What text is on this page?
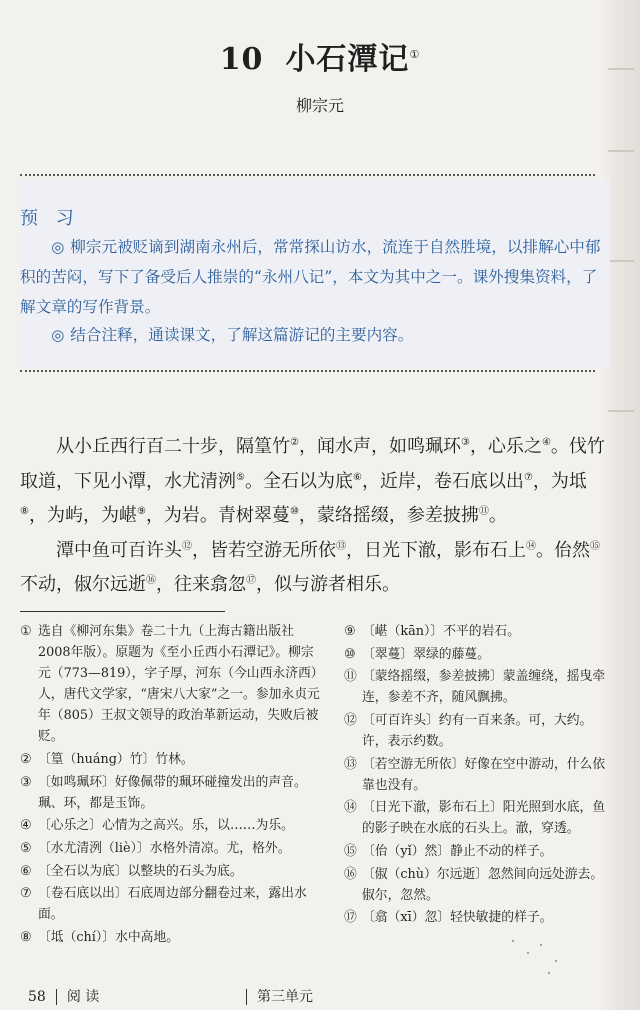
10 小石潭记①
柳宗元
预 习

◎ 柳宗元被贬谪到湖南永州后，常常探山访水，流连于自然胜境，以排解心中郁积的苦闷，写下了备受后人推崇的“永州八记”，本文为其中之一。课外搜集资料，了解文章的写作背景。

◎ 结合注释，通读课文，了解这篇游记的主要内容。

从小丘西行百二十步，隔篁竹②，闻水声，如鸣珮环③，心乐之④。伐竹取道，下见小潭，水尤清洌⑤。全石以为底⑥，近岸，卷石底以出⑦，为坻⑧，为屿，为嵁⑨，为岩。青树翠蔓⑩，蒙络摇缀，参差披拂⑪。

潭中鱼可百许头⑫，皆若空游无所依⑬，日光下澈，影布石上⑭。佁然⑮不动，俶尔远逝⑯，往来翕忽⑰，似与游者相乐。

① 选自《柳河东集》卷二十九（上海古籍出版社2008年版）。原题为《至小丘西小石潭记》。柳宗元（773—819），字子厚，河东（今山西永济西）人，唐代文学家，“唐宋八大家”之一。参加永贞元年（805）王叔文领导的政治革新运动，失败后被贬。
② 〔篁（huáng）竹〕竹林。
③ 〔如鸣珮环〕好像佩带的珮环碰撞发出的声音。珮、环，都是玉饰。
④ 〔心乐之〕心情为之高兴。乐，以……为乐。
⑤ 〔水尤清洌（liè）〕水格外清凉。尤，格外。
⑥ 〔全石以为底〕以整块的石头为底。
⑦ 〔卷石底以出〕石底周边部分翻卷过来，露出水面。
⑧ 〔坻（chí）〕水中高地。
⑨ 〔嵁（kān）〕不平的岩石。
⑩ 〔翠蔓〕翠绿的藤蔓。
⑪ 〔蒙络摇缀，参差披拂〕蒙盖缠绕，摇曳牵连，参差不齐，随风飘拂。
⑫ 〔可百许头〕约有一百来条。可，大约。许，表示约数。
⑬ 〔若空游无所依〕好像在空中游动，什么依靠也没有。
⑭ 〔日光下澈，影布石上〕阳光照到水底，鱼的影子映在水底的石头上。澈，穿透。
⑮ 〔佁（yǐ）然〕静止不动的样子。
⑯ 〔俶（chù）尔远逝〕忽然间向远处游去。俶尔，忽然。
⑰ 〔翕（xī）忽〕轻快敏捷的样子。
58 阅 读	第三单元
